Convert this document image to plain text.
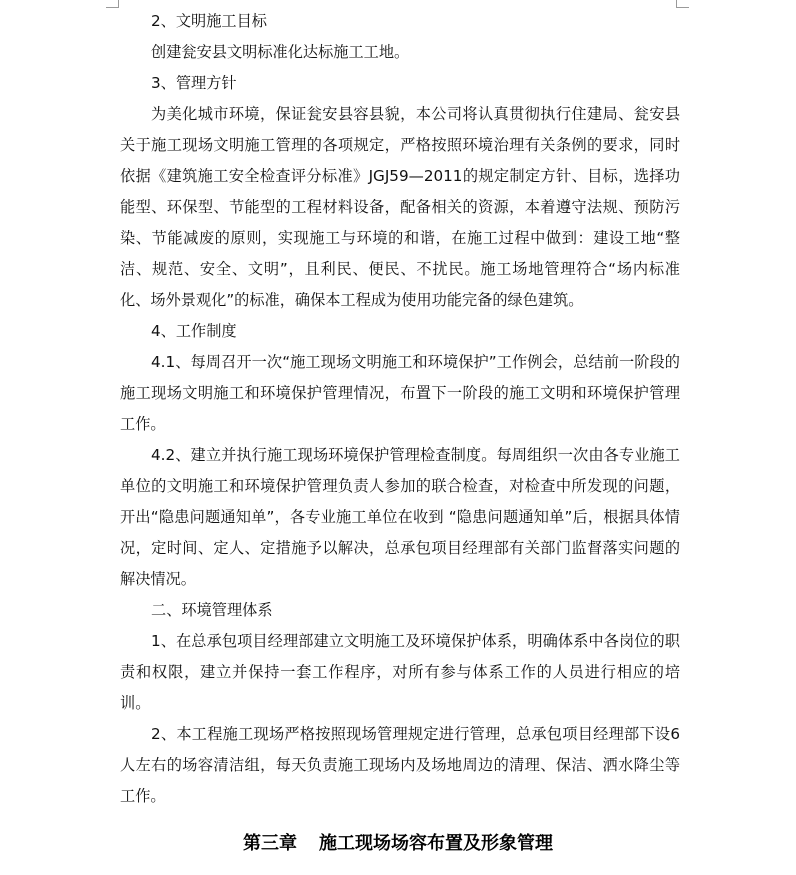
2、文明施工目标

创建瓮安县文明标准化达标施工工地。

3、管理方针

为美化城市环境，保证瓮安县容县貌，本公司将认真贯彻执行住建局、瓮安县关于施工现场文明施工管理的各项规定，严格按照环境治理有关条例的要求，同时依据《建筑施工安全检查评分标准》JGJ59—2011的规定制定方针、目标，选择功能型、环保型、节能型的工程材料设备，配备相关的资源，本着遵守法规、预防污染、节能减废的原则，实现施工与环境的和谐，在施工过程中做到：建设工地“整洁、规范、安全、文明”，且利民、便民、不扰民。施工场地管理符合“场内标准化、场外景观化”的标准，确保本工程成为使用功能完备的绿色建筑。

4、工作制度

4.1、每周召开一次“施工现场文明施工和环境保护”工作例会，总结前一阶段的施工现场文明施工和环境保护管理情况，布置下一阶段的施工文明和环境保护管理工作。

4.2、建立并执行施工现场环境保护管理检查制度。每周组织一次由各专业施工单位的文明施工和环境保护管理负责人参加的联合检查，对检查中所发现的问题，开出“隐患问题通知单”，各专业施工单位在收到 “隐患问题通知单”后，根据具体情况，定时间、定人、定措施予以解决，总承包项目经理部有关部门监督落实问题的解决情况。

二、环境管理体系

1、在总承包项目经理部建立文明施工及环境保护体系，明确体系中各岗位的职责和权限，建立并保持一套工作程序，对所有参与体系工作的人员进行相应的培训。

2、本工程施工现场严格按照现场管理规定进行管理，总承包项目经理部下设6人左右的场容清洁组，每天负责施工现场内及场地周边的清理、保洁、洒水降尘等工作。

第三章 施工现场场容布置及形象管理
